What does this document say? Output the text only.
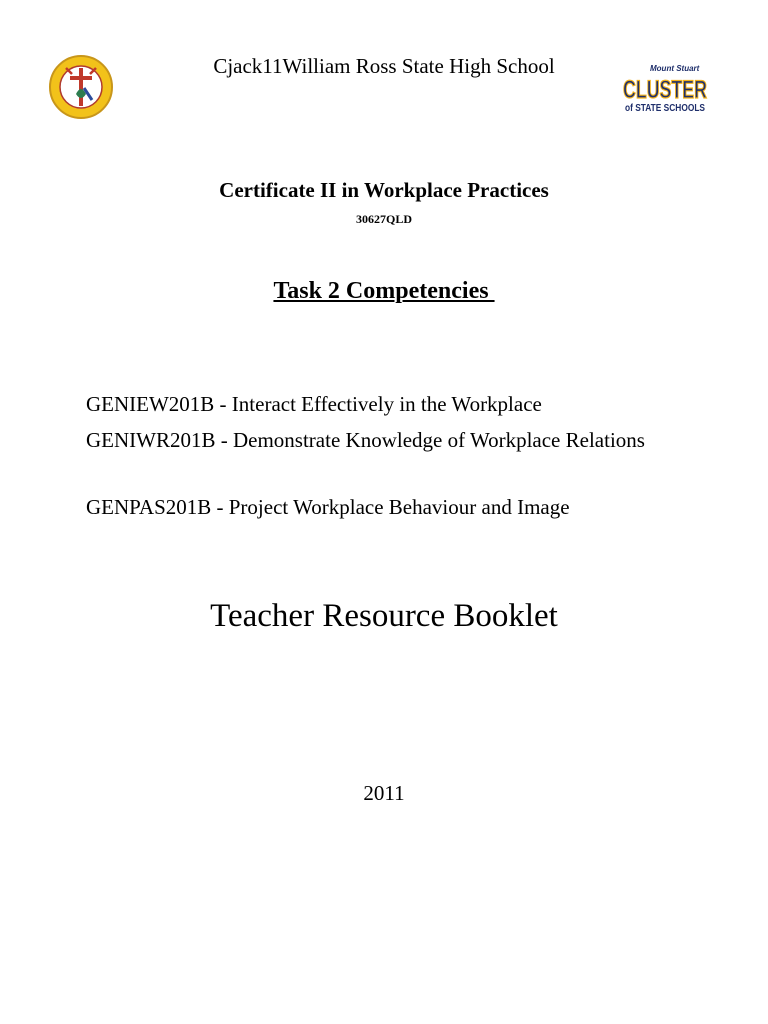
Cjack11William Ross State High School	Mount Stuart
CLUSTER
of STATE SCHOOLS
Certificate II in Workplace Practices
30627QLD
Task 2 Competencies
GENIEW201B - Interact Effectively in the Workplace
GENIWR201B - Demonstrate Knowledge of Workplace Relations
GENPAS201B - Project Workplace Behaviour and Image
Teacher Resource Booklet
2011
